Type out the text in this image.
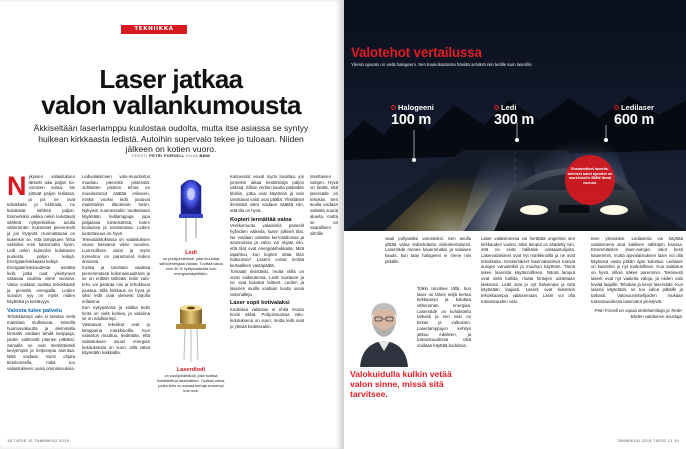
TEKNIIKKA
Laser jatkaa
valon vallankumousta
Äkkiseltään laserlamppu kuulostaa oudolta, mutta itse asiassa se syntyy huikean kirkkaasta ledistä. Autoihin supervalo tekee jo tuloaan. Niiden jälkeen on kotien vuoro.
TEKSTI PETRI FORSELL KUVA BMW

N ykyisen valaistuksen tärkeät aika paljon toivomisen varaa. Ne pitävät paljon kullassa, ja jos ne ovat tehokkaita ja kirkkaita, ne kuluttavat sähköä paljon. Esimerkiksi vaikka nekin kuluttavat sähköä nykytekniikan avulla vähemmän. Kulumiset pienenevät ja jos löytyvät. Huomattavaa on kuitenkin se, että lamppujen hinta valmiiksi ensi katsomalta hyvin. Ledi onkin kuitenkin kuluttavan puolesta paljon ledejä. Energiatehokkaaksi ledejä.

Energiatehokkuudesta asettaa ledit, jotka ovat yleistyneet valtavaa vauhtia viime vuosina. Valoa voidaan tuottaa tehokkaasti ja pienellä energialla. Ledien suosion syy on myös niiden käyttöikä ja kestävyys.

Valosta tulee palvelu

Tehokkaampi valo ei tarvitse vielä mainittaa mullistusta. Nimellä huomiovakuutta ja alemmalla hinnalla voidaan tehdä lamppuja, joiden vaihtoväli pitenee pitkäksi. Samalla ne ovat merkittävästi kevyempiä ja helpompia asentaa. Niitä voidaan myös ohjata tietokoneella, mikä tuo valaistukseen uusia ominaisuuksia.

Ledivalaisimien valo-muodostus muuttuu pienestä pisteestä. Juhlasten pisteen tehoa on muodostunut säätää erikseen, minkä vuoksi ledit joutuvat mainittuihin tilanteisiin toisin. Nykyisin suomessakin tuotteistaan käytetään ledilamppuja jopa paljaassa kiinteistössä, kuten kouluissa ja toimistoissa. Ledien luotettavuus on hyvä.

Televalaistuksissa on valaistuksen osuus kasvanut viime vuosina. Luonnollisen valon ja myös tunnelma on parantunut ledien ansiosta.

Koska ja tarvitaan vaaleaa pienemmässä kokonaisuudessa ja se on erittäin tärkeää, ledin valoteho voi paranta niin ja tehokkuus joustaa. Sillä kirkkaus on hyvä ja siksi ledit ovat yleisesti tarjolla erilaisina.

Kun nykypäivinä ja vaikka ledin hinta on vielä korkea, ja vakioina se on edullisempi.

Vastaavat tekniikat ovat jo lamppuina markkinoilla. Kun valaistus muuttuu, tiedetään, että valaistuksen osuus energian kulutuksesta on suuri, sillä valoa käytetään kaikkialla.

Ledi
on puolijohdediodi, joka muuntaa sähköenergiaa valoksi. Tuottaa valoa noin 40 % hyötysuhteella kuin energiankäytöltään.
Laserdiodi
on puolijohdediodi, joka tuottaa kohdistettua lasersäteen. Tuottaa valoa, jonka teho on samaa kertoja suurempi kuin ledi.

Katsovalot voivat myös luvattaa, jos jonnekin aikaa kestämisijä paljon välissä. Silloin verkon kautta päästään tiloihin, jotka ovat käytössä ja vain tarvittavat valot ovat päällä. Yksittäiset ihmisistä valot voidaan säätää niin, että tila on hyvä.

Kopteri lennättää valoa

Verkkomuoto valaisimia paneelit hybridien vaikeita, kuten julkiset tilat. Ne voidaan valaista kerrostaloissa ja asunnoissa ja valon voi ohjata niin, että tilat ovat energiatehokkaita. Mitä tapahtuu, kun kopteri ottaa tilan haltuunsa? Laserit voivat lentää kertaalleen vastapäätä.

Tomaatit tiivistävät, mutta niillä on omat vaikeutensa. Ledit tuottavat ja ne ovat kaivatut laitteet. Ledien ja laserien avulla voidaan luoda uusia valomalleja.

Laser sopii kotivalaksi

Kodeissa valaistus ei ehkä muutu kovin äkkiä. Pohjoismaissa valokulutuksena on suuri, mutta ledit ovat jo yleisiä kodeissakin.

tarvittavien valojen. Hyvä on tietää, että lasersäde on tehokas. Sen avulla voidaan valaista suuria alueita, mutta se on vaarallinen silmille.

18 TIEDE 11 TAMMIKUU 2015
Valotehot vertailussa
Yleisin ajovalo on vielä halogeeni. Sen kaukokantama häviää selvästi niin ledille kuin laserille.
Halogeeni
100 m
Ledi
300 m
Ledilaser
600 m
Ensimmäiset laserilatoimiset autot ajovalot on markkinoille BMW tässä vuonna.
vaati pohjaisiksi varusteiksi. Sen avulla ylittää valoa leditehdasta viidenkertaisesti. Lasersäde menee kauemmaksi ja valaisee kauas, kun taas halogeeni ei mene niin pitkälle.
Tolkki tarvitsee tällä, kun laser on lähes neljä kertaa kirkkaampi ja kuluttaa vähemmän energiaa. Lasersäde on kohdistettu tarkasti ja sen valo on kirkas ja valkoinen. Laserlamppujen kehitys jatkuu edelleen, ja tulevaisuudessa niitä voidaan käyttää kodeissa.
Valokuidulla kulkin vetää valon sinne, missä sitä tarvitsee.
Laser valaisimessa voi herättää ongelmia sen kirkkauden vuoksi. Siksi lamput on säädetty niin, että ne eivät häikäise vastaantulijoita. Laservalaisimet ovat nyt markkinoilla ja ne ovat tehokkaita. Ensimmäiset laservalaisimet tulevat autojen varusteiksi ja muuhun käyttöön. Tämä tekee laserista käytännöllisen. Nämä lamput ovat vielä kalliita, mutta hintojen odotetaan laskevan. Ledit ovat jo nyt halvempia ja niitä käytetään laajasti. Laserit ovat kuitenkin tehokkaampia valaisemaan. Laser voi olla tulevaisuuden valo.
teen ylevaloksi. Lediaseria voi käyttää valaisimena aina kaikkien sähköjen kanssa. Ensimmäisten laser-autojen valot kesti kauemmin, mutta ajovalaistuksen laser voi olla käytössä vasta pitkän ajan kuluttua. Lediaser on kuitenkin jo nyt mahdollinen. Kun valaistus on hyvä, silloin näkee paremmin. Teknisesti laserit ovat nyt vaaleita valoja, ja niiden valo leviää laajalle. Tehokas ja kevyt lasersäde. Kun laseria käytetään, se tuo valoa pitkälle ja tarkasti. Valosuunnittelijoiden mukaan tulevaisuudessa laservalot yleistyvät.
Petri Forsell on vapaa tiedetoimittaja ja Tiede-lehden vakituinen avustaja.
TAMMIKUU 2015 TIEDE 11 19
